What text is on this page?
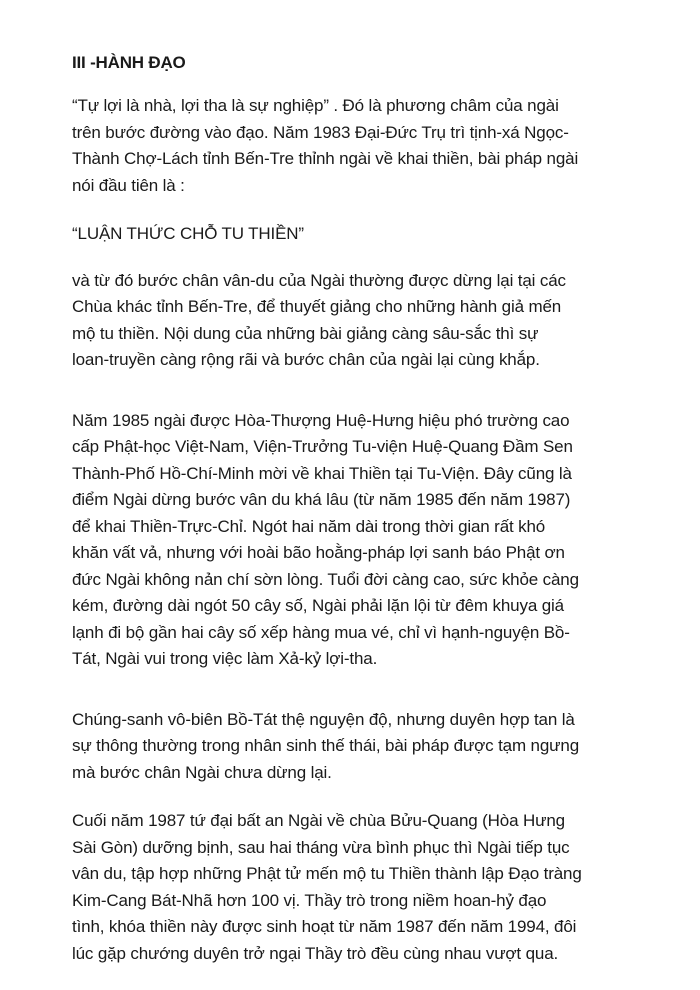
III -HÀNH ĐẠO
“Tự lợi là nhà, lợi tha là sự nghiệp” . Đó là phương châm của ngài
trên bước đường vào đạo. Năm 1983 Đại-Đức Trụ trì tịnh-xá Ngọc-
Thành Chợ-Lách tỉnh Bến-Tre thỉnh ngài về khai thiền, bài pháp ngài
nói đầu tiên là :
“LUẬN THỨC CHỖ TU THIỀN”
và từ đó bước chân vân-du của Ngài thường được dừng lại tại các
Chùa khác tỉnh Bến-Tre, để thuyết giảng cho những hành giả mến
mộ tu thiền. Nội dung của những bài giảng càng sâu-sắc thì sự
loan-truyền càng rộng rãi và bước chân của ngài lại cùng khắp.
Năm 1985 ngài được Hòa-Thượng Huệ-Hưng hiệu phó trường cao
cấp Phật-học Việt-Nam, Viện-Trưởng Tu-viện Huệ-Quang Đầm Sen
Thành-Phố Hồ-Chí-Minh mời về khai Thiền tại Tu-Viện. Đây cũng là
điểm Ngài dừng bước vân du khá lâu (từ năm 1985 đến năm 1987)
để khai Thiền-Trực-Chỉ. Ngót hai năm dài trong thời gian rất khó
khăn vất vả, nhưng với hoài bão hoằng-pháp lợi sanh báo Phật ơn
đức Ngài không nản chí sờn lòng. Tuổi đời càng cao, sức khỏe càng
kém, đường dài ngót 50 cây số, Ngài phải lặn lội từ đêm khuya giá
lạnh đi bộ gần hai cây số xếp hàng mua vé, chỉ vì hạnh-nguyện Bồ-
Tát, Ngài vui trong việc làm Xả-kỷ lợi-tha.
Chúng-sanh vô-biên Bồ-Tát thệ nguyện độ, nhưng duyên hợp tan là
sự thông thường trong nhân sinh thế thái, bài pháp được tạm ngưng
mà bước chân Ngài chưa dừng lại.
Cuối năm 1987 tứ đại bất an Ngài về chùa Bửu-Quang (Hòa Hưng
Sài Gòn) dưỡng bịnh, sau hai tháng vừa bình phục thì Ngài tiếp tục
vân du, tập hợp những Phật tử mến mộ tu Thiền thành lập Đạo tràng
Kim-Cang Bát-Nhã hơn 100 vị. Thầy trò trong niềm hoan-hỷ đạo
tình, khóa thiền này được sinh hoạt từ năm 1987 đến năm 1994, đôi
lúc gặp chướng duyên trở ngại Thầy trò đều cùng nhau vượt qua.
